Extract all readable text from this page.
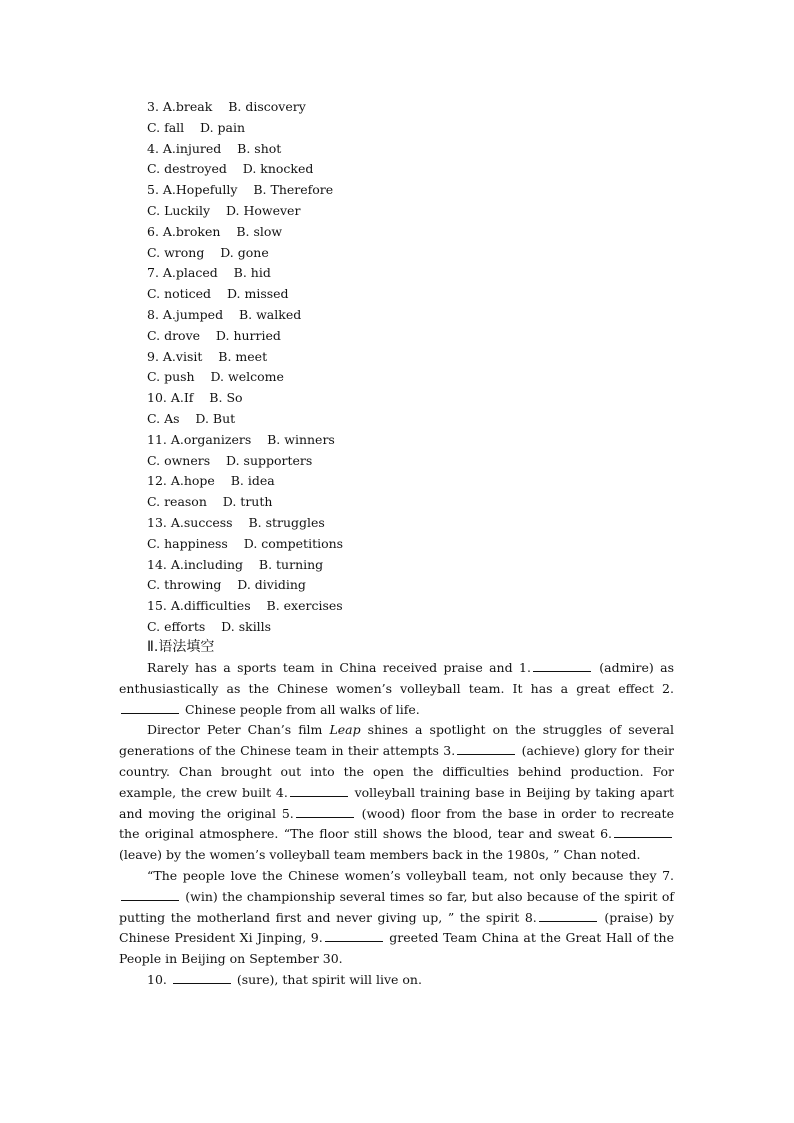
3. A.break    B. discovery
C. fall    D. pain
4. A.injured    B. shot
C. destroyed    D. knocked
5. A.Hopefully    B. Therefore
C. Luckily    D. However
6. A.broken    B. slow
C. wrong    D. gone
7. A.placed    B. hid
C. noticed    D. missed
8. A.jumped    B. walked
C. drove    D. hurried
9. A.visit    B. meet
C. push    D. welcome
10. A.If    B. So
C. As    D. But
11. A.organizers    B. winners
C. owners    D. supporters
12. A.hope    B. idea
C. reason    D. truth
13. A.success    B. struggles
C. happiness    D. competitions
14. A.including    B. turning
C. throwing    D. dividing
15. A.difficulties    B. exercises
C. efforts    D. skills
Ⅱ.语法填空

Rarely has a sports team in China received praise and 1.	(admire) as enthusiastically as the Chinese women’s volleyball team. It has a great effect 2. Chinese people from all walks of life.

Director Peter Chan’s film Leap shines a spotlight on the struggles of several generations of the Chinese team in their attempts 3.	(achieve) glory for their country. Chan brought out into the open the difficulties behind production. For example, the crew built 4.	volleyball training base in Beijing by taking apart and moving the original 5.	(wood) floor from the base in order to recreate the original atmosphere. “The floor still shows the blood, tear and sweat 6. (leave) by the women’s volleyball team members back in the 1980s, ” Chan noted.

“The people love the Chinese women’s volleyball team, not only because they 7. (win) the championship several times so far, but also because of the spirit of putting the motherland first and never giving up, ” the spirit 8.	(praise) by Chinese President Xi Jinping, 9.	greeted Team China at the Great Hall of the People in Beijing on September 30.

10.	(sure), that spirit will live on.
